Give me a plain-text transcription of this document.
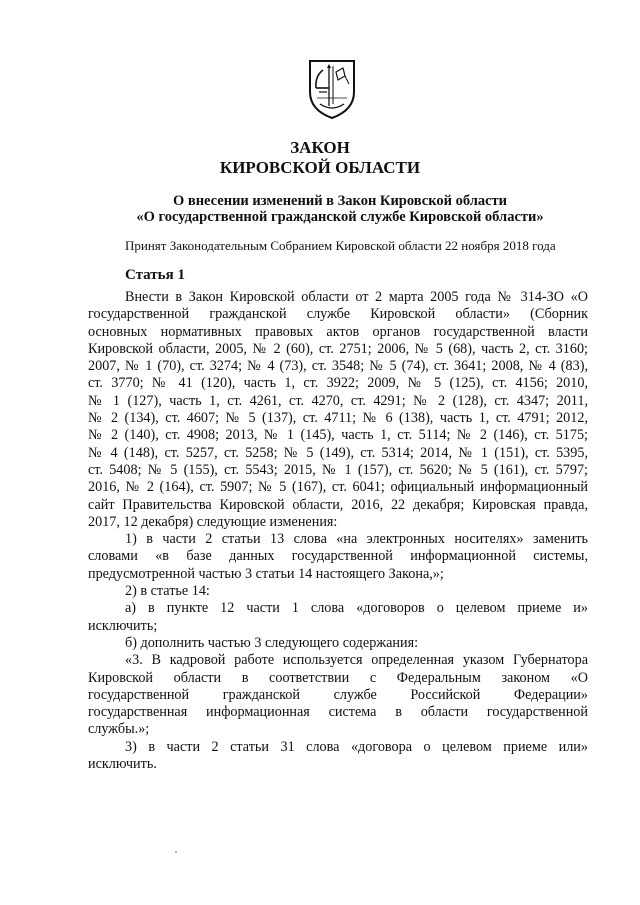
ЗАКОН
КИРОВСКОЙ ОБЛАСТИ
О внесении изменений в Закон Кировской области
«О государственной гражданской службе Кировской области»
Принят Законодательным Собранием Кировской области 22 ноября 2018 года
Статья 1
Внести в Закон Кировской области от 2 марта 2005 года № 314-ЗО «О
государственной гражданской службе Кировской области» (Сборник
основных нормативных правовых актов органов государственной власти
Кировской области, 2005, № 2 (60), ст. 2751; 2006, № 5 (68), часть 2, ст. 3160;
2007, № 1 (70), ст. 3274; № 4 (73), ст. 3548; № 5 (74), ст. 3641; 2008, № 4 (83),
ст. 3770; № 41 (120), часть 1, ст. 3922; 2009, № 5 (125), ст. 4156; 2010,
№ 1 (127), часть 1, ст. 4261, ст. 4270, ст. 4291; № 2 (128), ст. 4347; 2011,
№ 2 (134), ст. 4607; № 5 (137), ст. 4711; № 6 (138), часть 1, ст. 4791; 2012,
№ 2 (140), ст. 4908; 2013, № 1 (145), часть 1, ст. 5114; № 2 (146), ст. 5175;
№ 4 (148), ст. 5257, ст. 5258; № 5 (149), ст. 5314; 2014, № 1 (151), ст. 5395,
ст. 5408; № 5 (155), ст. 5543; 2015, № 1 (157), ст. 5620; № 5 (161), ст. 5797;
2016, № 2 (164), ст. 5907; № 5 (167), ст. 6041; официальный информационный
сайт Правительства Кировской области, 2016, 22 декабря; Кировская правда,
2017, 12 декабря) следующие изменения:
1) в части 2 статьи 13 слова «на электронных носителях» заменить
словами «в базе данных государственной информационной системы,
предусмотренной частью 3 статьи 14 настоящего Закона,»;
2) в статье 14:
а) в пункте 12 части 1 слова «договоров о целевом приеме и»
исключить;
б) дополнить частью 3 следующего содержания:
«3. В кадровой работе используется определенная указом Губернатора
Кировской области в соответствии с Федеральным законом «О
государственной гражданской службе Российской Федерации»
государственная информационная система в области государственной
службы.»;
3) в части 2 статьи 31 слова «договора о целевом приеме или»
исключить.
